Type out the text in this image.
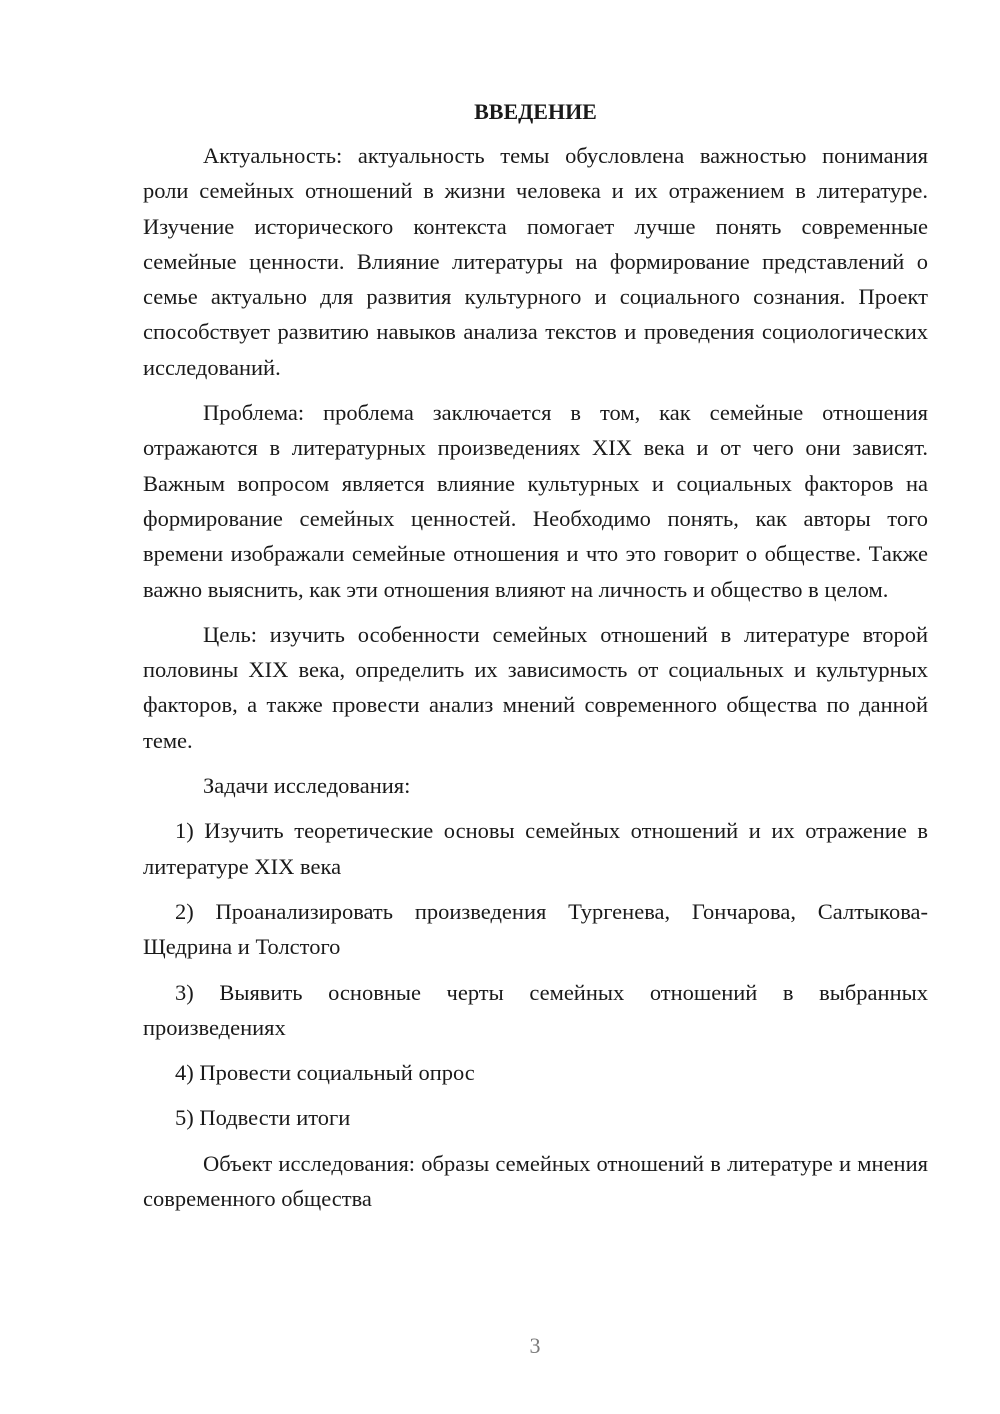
ВВЕДЕНИЕ

Актуальность: актуальность темы обусловлена важностью понимания роли семейных отношений в жизни человека и их отражением в литературе. Изучение исторического контекста помогает лучше понять современные семейные ценности. Влияние литературы на формирование представлений о семье актуально для развития культурного и социального сознания. Проект способствует развитию навыков анализа текстов и проведения социологических исследований.

Проблема: проблема заключается в том, как семейные отношения отражаются в литературных произведениях XIX века и от чего они зависят. Важным вопросом является влияние культурных и социальных факторов на формирование семейных ценностей. Необходимо понять, как авторы того времени изображали семейные отношения и что это говорит о обществе. Также важно выяснить, как эти отношения влияют на личность и общество в целом.

Цель: изучить особенности семейных отношений в литературе второй половины XIX века, определить их зависимость от социальных и культурных факторов, а также провести анализ мнений современного общества по данной теме.

Задачи исследования:

1) Изучить теоретические основы семейных отношений и их отражение в литературе XIX века

2) Проанализировать произведения Тургенева, Гончарова, Салтыкова-Щедрина и Толстого

3) Выявить основные черты семейных отношений в выбранных произведениях

4) Провести социальный опрос

5) Подвести итоги

Объект исследования: образы семейных отношений в литературе и мнения современного общества

3
